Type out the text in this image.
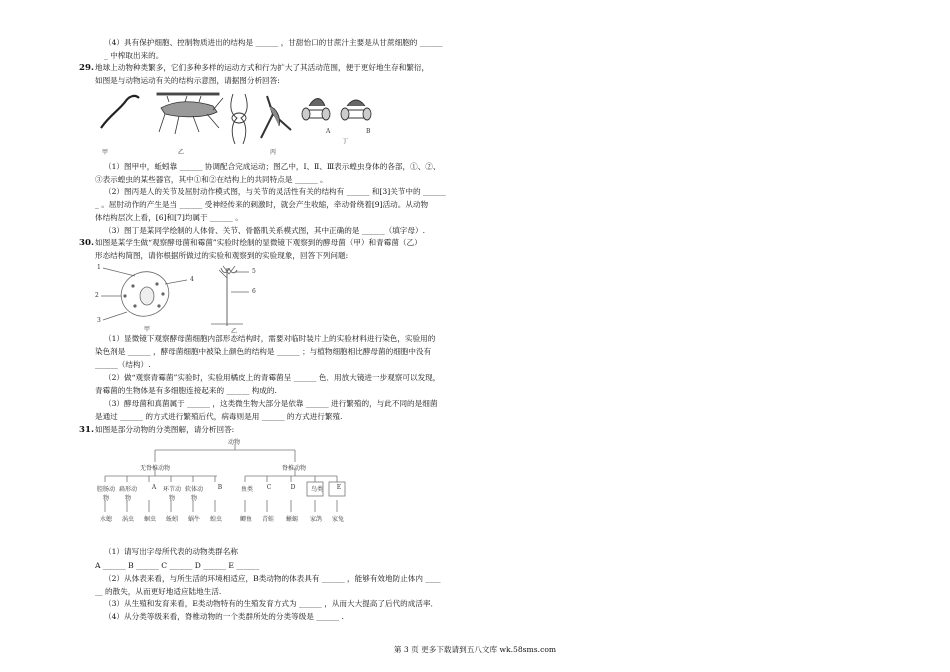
（4）具有保护细胞、控制物质进出的结构是 ______ ，甘甜怡口的甘蔗汁主要是从甘蔗细胞的 ______
_ 中榨取出来的。
29. 地球上动物种类繁多，它们多种多样的运动方式和行为扩大了其活动范围，便于更好地生存和繁衍，
如图是与动物运动有关的结构示意图，请据图分析回答:
甲	乙	丙
丁
A	B
（1）图甲中，蚯蚓靠 ______ 协调配合完成运动；图乙中，Ⅰ、Ⅱ、Ⅲ表示蝗虫身体的各部，①、②、
③表示蝗虫的某些器官，其中①和②在结构上的共同特点是 ______ 。
（2）图丙是人的关节及屈肘动作模式图，与关节的灵活性有关的结构有 ______ 和[3]关节中的 ______
_ 。屈肘动作的产生是当 ______ 受神经传来的刺激时，就会产生收缩，牵动骨绕着[9]活动。从动物
体结构层次上看，[6]和[7]均属于 ______ 。
（3）图丁是某同学绘制的人体骨、关节、骨骼肌关系模式图，其中正确的是 ______（填字母）.
30. 如图是某学生做“观察酵母菌和霉菌”实验时绘制的显微镜下观察到的酵母菌（甲）和青霉菌（乙）
形态结构简图，请你根据所做过的实验和观察到的实验现象，回答下列问题:
1
2
3
4
5
6
甲	乙
（1）显微镜下观察酵母菌细胞内部形态结构时，需要对临时装片上的实验材料进行染色，实验用的
染色剂是 ______ ，酵母菌细胞中被染上颜色的结构是 ______ ；与植物细胞相比酵母菌的细胞中没有
______（结构）.
（2）做“观察青霉菌”实验时，实验用橘皮上的青霉菌呈 ______ 色．用放大镜进一步观察可以发现，
青霉菌的生物体是有多细胞连接起来的 ______ 构成的.
（3）酵母菌和真菌属于 ______ ，这类微生物大部分是依靠 ______ 进行繁殖的，与此不同的是细菌
是通过 ______ 的方式进行繁殖后代，病毒则是用 ______ 的方式进行繁殖.
31. 如图是部分动物的分类图解，请分析回答:
动物
无脊椎动物	脊椎动物
腔肠动物
扁形动物
A	环节动物
软体动物
B	鱼类	C	D	鸟类	E
水螅	涡虫	蛔虫	蚯蚓	蜗牛	蝗虫	鲫鱼	青蛙	蜥蜴	家鸽	家兔
（1）请写出字母所代表的动物类群名称
A ______ B ______ C ______ D ______ E ______
（2）从体表来看，与所生活的环境相适应，B类动物的体表具有 ______ ，能够有效地防止体内 ____
__ 的散失，从而更好地适应陆地生活.
（3）从生殖和发育来看，E类动物特有的生殖发育方式为 ______ ，从而大大提高了后代的成活率．
（4）从分类等级来看，脊椎动物的一个类群所处的分类等级是 ______ .
第 3 页 更多下载请到五八文库 wk.58sms.com
